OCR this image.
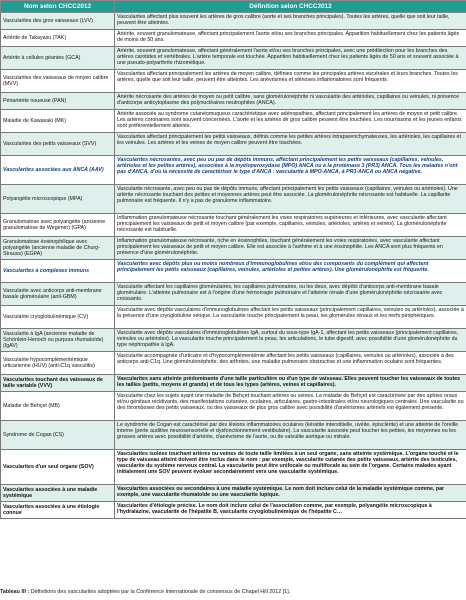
Nom selon CHCC2012	Définition selon CHCC2012
Vascularites des gros vaisseaux (LVV)	Vascularites affectant plus souvent les artères de gros calibre (aorte et ses branches principales). Toutes les artères, quelle que soit leur taille, peuvent être atteintes.
Artérite de Takayasu (TAK)	Artérite, souvent granulomateuse, affectant principalement l'aorte et/ou ses branches principales. Apparition habituellement chez les patients âgés de moins de 50 ans.
Artérite à cellules géantes (GCA)	Artérite, souvent granulomateuse, affectant généralement l'aorte et/ou ses branches principales, avec une prédilection pour les branches des artères carotides et vertébrales. L'artère temporale est touchée. Apparition habituellement chez les patients âgés de 50 ans et souvent associée à une pseudo-polyarthrite rhizomélique.
Vascularites des vaisseaux de moyen calibre (MVV)	Vascularites affectant principalement les artères de moyen calibre, définies comme les principales artères viscérales et leurs branches. Toutes les artères, quelle que soit leur taille, peuvent être atteintes. Les anévrismes et sténoses inflammatoires sont fréquents.
Périartérite noueuse (PAN)	Artérite nécrosante des artères de moyen ou petit calibre, sans glomérulonéphrite ni vascularite des artérioles, capillaires ou veinules, ni présence d'anticorps anticytoplasme des polynucléaires neutrophiles (ANCA).
Maladie de Kawasaki (MK)	Artérite associée au syndrome cutanéomuqueux caractéristique avec adénopathies, affectant principalement les artères de moyen et petit calibre. Les artères coronaires sont souvent concernées. L'aorte et les artères de gros calibre peuvent être touchées. Les nourrissons et les jeunes enfants sont préférentiellement atteints.
Vascularites des petits vaisseaux (SVV)	Vascularites affectant principalement les petits vaisseaux, définis comme les petites artères intraparenchymateuses, les artérioles, les capillaires et les veinules. Les artères et les veines de moyen calibre peuvent être touchées.
Vascularites associées aux ANCA (AAV)	Vascularites nécrosantes, avec peu ou pas de dépôts immuns, affectant principalement les petits vaisseaux (capillaires, veinules, artérioles et les petites artères), associées à la myéloperoxydase (MPO) ANCA ou à la protéinase 3 (PR3) ANCA. Tous les malades n'ont pas d'ANCA, d'où la nécessité de caractériser le type d'ANCA : vascularite à MPO-ANCA, à PR3-ANCA ou ANCA négative.
Polyangéite microscopique (MPA)	Vascularite nécrosante, avec peu ou pas de dépôts immuns, affectant principalement les petits vaisseaux (capillaires, veinules ou artérioles). Une artérite nécrosante touchant des petites et moyennes artères peut être associée. La glomérulonéphrite nécrosante est habituelle. La capillarite pulmonaire est fréquente. Il n'y a pas de granulome inflammatoire.
Granulomatose avec polyangéite (ancienne granulomatose de Wegener) (GPA)	Inflammation granulomateuse nécrosante touchant généralement les voies respiratoires supérieures et inférieures, avec vascularite affectant principalement les vaisseaux de petit et moyen calibre (par exemple, capillaires, veinules, artérioles, artères et veines). La glomérulonéphrite nécrosante est habituelle.
Granulomatose éosinophilique avec polyangéite (ancienne maladie de Churg-Strauss) (EGPA)	Inflammation granulomateuse nécrosante, riche en éosinophiles, touchant généralement les voies respiratoires, avec vascularite affectant principalement les vaisseaux de petit et moyen calibre. Elle est associée à l'asthme et à une éosinophilie. Les ANCA sont plus fréquents en présence d'une glomérulonéphrite.
Vascularites à complexes immuns	Vascularites avec dépôts plus ou moins nombreux d'immunoglobulines et/ou des composants du complément qui affectent principalement les petits vaisseaux (capillaires, veinules, artérioles et petites artères). Une glomérulonéphrite est fréquente.
Vascularite avec anticorps anti-membrane basale glomérulaire (anti-GBM)	Vascularite affectant les capillaires glomérulaires, les capillaires pulmonaires, ou les deux, avec dépôts d'anticorps anti-membrane basale glomérulaire. L'atteinte pulmonaire est à l'origine d'une hémorragie pulmonaire et l'atteinte rénale d'une glomérulonéphrite nécrosante avec croissants.
Vascularite cryoglobulinémique (CV)	Vascularite avec dépôts vasculaires d'immunoglobulines affectant les petits vaisseaux (principalement capillaires, veinules ou artérioles), associée à la présence d'une cryoglobuline sérique. La vascularite touche principalement la peau, les glomérules rénaux et les nerfs périphériques.
Vascularite à IgA (ancienne maladie de Schönlein-Henoch ou purpura rhumatoïde) (IgAV)	Vascularite avec dépôts vasculaires d'immunoglobulines IgA, surtout du sous-type IgA-1, affectant les petits vaisseaux (principalement capillaires, veinules ou artérioles). La vascularite touche principalement la peau, les articulations, le tube digestif, avec possibilité d'une glomérulonéphrite du type néphropathie à IgA.
Vascularite hypocomplémentémique urticarienne (HUV) (anti-C1q vasculitis)	Vascularite accompagnée d'urticaire et d'hypocomplémentémie affectant les petits vaisseaux (capillaires, veinules ou artérioles), associée à des anticorps anti-C1q. Une glomérulonéphrite, des arthrites, une maladie pulmonaire obstructive et une inflammation oculaire sont fréquentes.
Vascularites touchant des vaisseaux de taille variable (VVV)	Vascularites sans atteinte prédominante d'une taille particulière ou d'un type de vaisseau. Elles peuvent toucher les vaisseaux de toutes les tailles (petits, moyens et grands) et de tous les types (artères, veines et capillaires).
Maladie de Behçet (MB)	Vascularite chez les sujets ayant une maladie de Behçet touchant artères ou veines. La maladie de Behçet est caractérisée par des aphtes oraux et/ou génitaux récidivants, des manifestations cutanées, oculaires, articulaires, gastro-intestinales et/ou neurologiques centrales. Une vascularite ou des thromboses des petits vaisseaux, ou des vaisseaux de plus gros calibre avec possibilité d'anévrismes artériels est également présente.
Syndrome de Cogan (CS)	Le syndrome de Cogan est caractérisé par des lésions inflammatoires oculaires (kératite interstitielle, uvéite, épisclérite) et une atteinte de l'oreille interne (perte auditive neurosensorielle et dysfonctionnement vestibulaire). La vascularite associée peut toucher les petites, les moyennes ou les grosses artères avec possibilité d'artérite, d'anévrisme de l'aorte, ou de valvulite aortique ou mitrale.
Vascularites d'un seul organe (SOV)	Vascularites isolées touchant artères ou veines de toute taille limitées à un seul organe, sans atteinte systémique. L'organe touché et le type de vaisseau atteint doivent être inclus dans le nom : par exemple, vascularite cutanée des petits vaisseaux, artérite des testicules, vascularite du système nerveux central. La vascularite peut être unifocale ou multifocale au sein de l'organe. Certains malades ayant initialement une SOV peuvent évoluer secondairement vers une vascularite systémique.
Vascularites associées à une maladie systémique	Vascularites associées ou secondaires à une maladie systémique. Le nom doit inclure celui de la maladie systémique comme, par exemple, une vascularite rhumatoïde ou une vascularite lupique.
Vascularites associées à une étiologie connue	Vascularites d'étiologie précise. Le nom doit inclure celui de l'association comme, par exemple, polyangéite microscopique à l'hydralazine, vascularite de l'hépatite B, vascularite cryoglobulinémique de l'hépatite C…
Tableau III : Définitions des vascularites adoptées par la Conférence internationale de consensus de Chapel Hill 2012 [1].
